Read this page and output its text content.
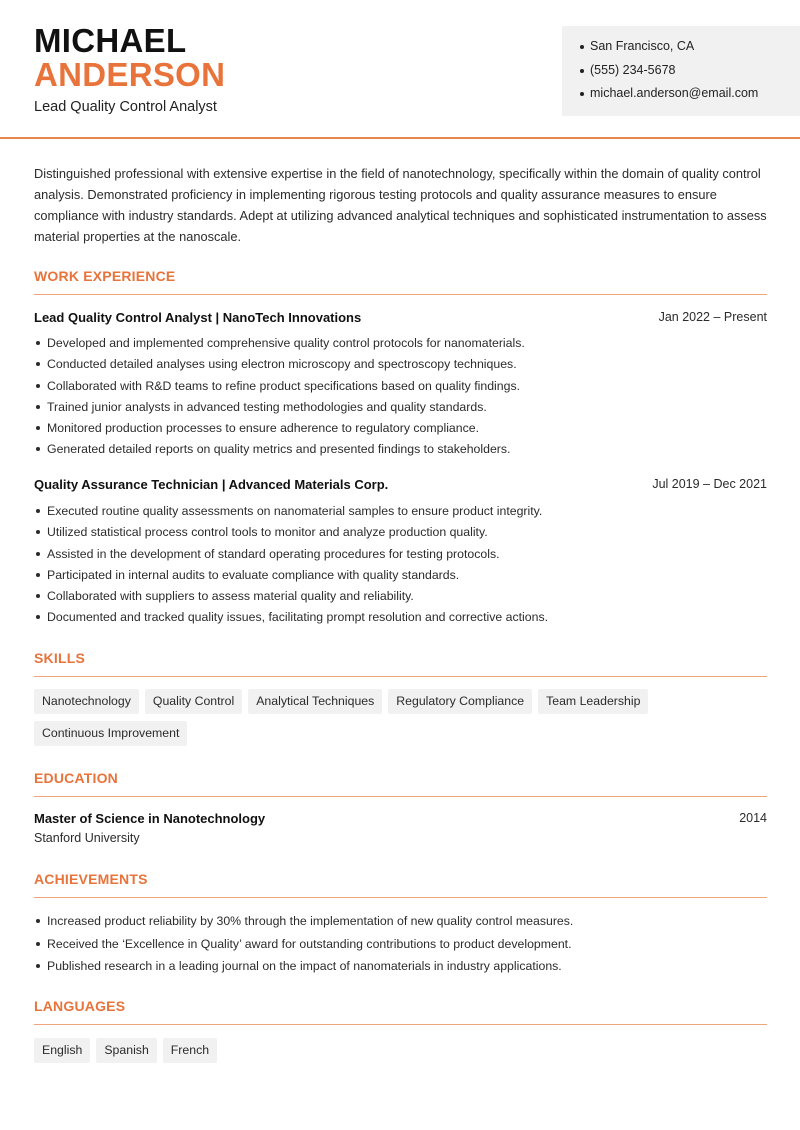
MICHAEL
ANDERSON
Lead Quality Control Analyst
San Francisco, CA
(555) 234-5678
michael.anderson@email.com
Distinguished professional with extensive expertise in the field of nanotechnology, specifically within the domain of quality control analysis. Demonstrated proficiency in implementing rigorous testing protocols and quality assurance measures to ensure compliance with industry standards. Adept at utilizing advanced analytical techniques and sophisticated instrumentation to assess material properties at the nanoscale.
WORK EXPERIENCE
Lead Quality Control Analyst | NanoTech Innovations	Jan 2022 – Present
Developed and implemented comprehensive quality control protocols for nanomaterials.
Conducted detailed analyses using electron microscopy and spectroscopy techniques.
Collaborated with R&D teams to refine product specifications based on quality findings.
Trained junior analysts in advanced testing methodologies and quality standards.
Monitored production processes to ensure adherence to regulatory compliance.
Generated detailed reports on quality metrics and presented findings to stakeholders.
Quality Assurance Technician | Advanced Materials Corp.	Jul 2019 – Dec 2021
Executed routine quality assessments on nanomaterial samples to ensure product integrity.
Utilized statistical process control tools to monitor and analyze production quality.
Assisted in the development of standard operating procedures for testing protocols.
Participated in internal audits to evaluate compliance with quality standards.
Collaborated with suppliers to assess material quality and reliability.
Documented and tracked quality issues, facilitating prompt resolution and corrective actions.
SKILLS
Nanotechnology Quality Control Analytical Techniques Regulatory Compliance Team LeadershipContinuous Improvement
EDUCATION
Master of Science in Nanotechnology	2014
Stanford University
ACHIEVEMENTS
Increased product reliability by 30% through the implementation of new quality control measures.
Received the ‘Excellence in Quality’ award for outstanding contributions to product development.
Published research in a leading journal on the impact of nanomaterials in industry applications.
LANGUAGES
English Spanish French
